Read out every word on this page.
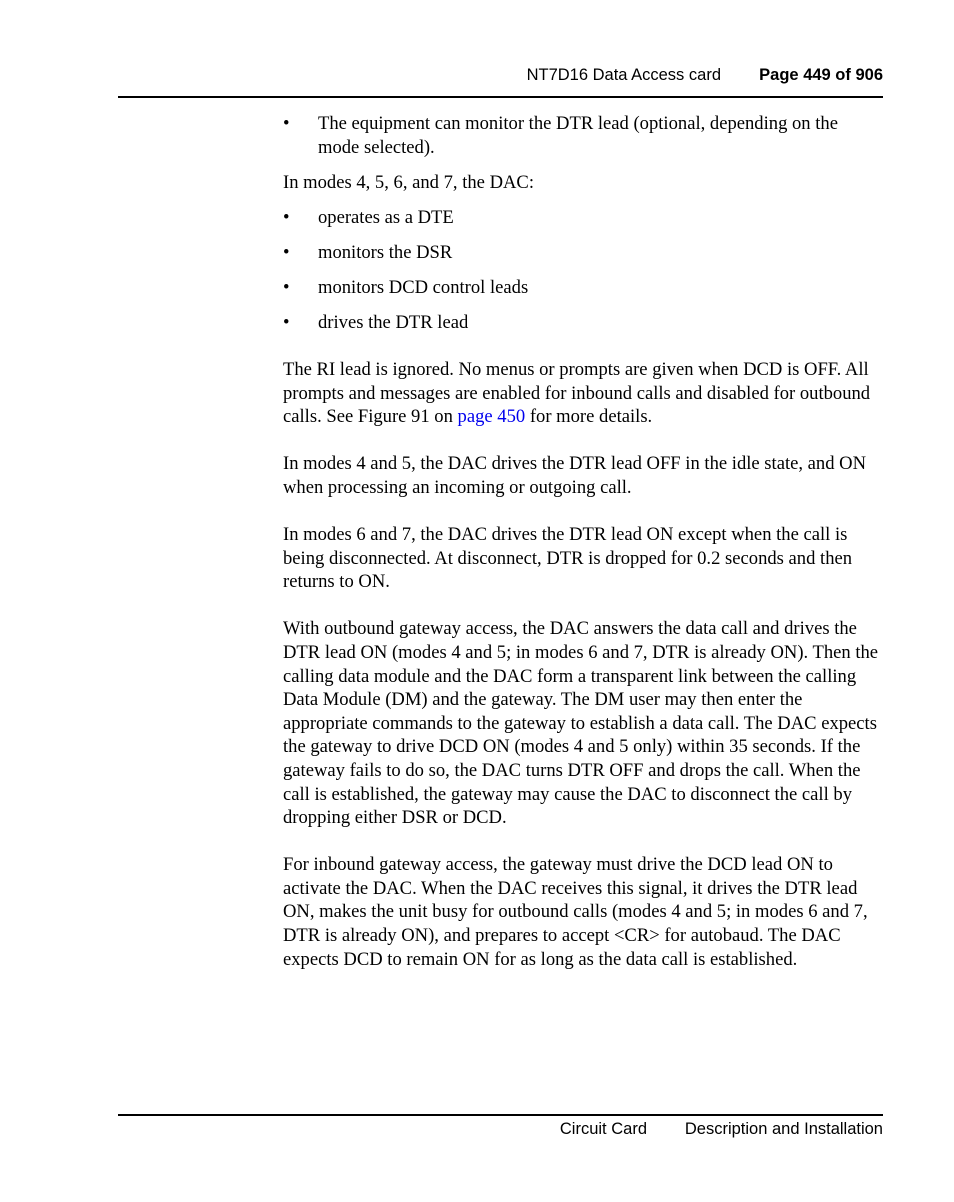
NT7D16 Data Access card Page 449 of 906
• The equipment can monitor the DTR lead (optional, depending on the mode selected).
In modes 4, 5, 6, and 7, the DAC:
• operates as a DTE
• monitors the DSR
• monitors DCD control leads
• drives the DTR lead

The RI lead is ignored. No menus or prompts are given when DCD is OFF. All prompts and messages are enabled for inbound calls and disabled for outbound calls. See Figure 91 on page 450 for more details.

In modes 4 and 5, the DAC drives the DTR lead OFF in the idle state, and ON when processing an incoming or outgoing call.

In modes 6 and 7, the DAC drives the DTR lead ON except when the call is being disconnected. At disconnect, DTR is dropped for 0.2 seconds and then returns to ON.

With outbound gateway access, the DAC answers the data call and drives the DTR lead ON (modes 4 and 5; in modes 6 and 7, DTR is already ON). Then the calling data module and the DAC form a transparent link between the calling Data Module (DM) and the gateway. The DM user may then enter the appropriate commands to the gateway to establish a data call. The DAC expects the gateway to drive DCD ON (modes 4 and 5 only) within 35 seconds. If the gateway fails to do so, the DAC turns DTR OFF and drops the call. When the call is established, the gateway may cause the DAC to disconnect the call by dropping either DSR or DCD.

For inbound gateway access, the gateway must drive the DCD lead ON to activate the DAC. When the DAC receives this signal, it drives the DTR lead ON, makes the unit busy for outbound calls (modes 4 and 5; in modes 6 and 7, DTR is already ON), and prepares to accept <CR> for autobaud. The DAC expects DCD to remain ON for as long as the data call is established.

Circuit Card Description and Installation
